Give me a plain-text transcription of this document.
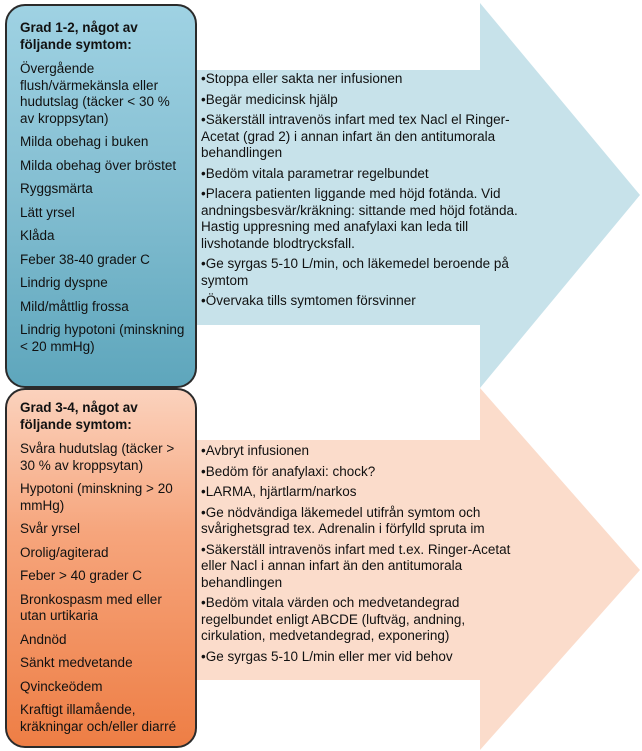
Grad 1-2, något av följande symtom:
Övergående flush/värmekänsla eller hudutslag (täcker < 30 % av kroppsytan)
Milda obehag i buken
Milda obehag över bröstet
Ryggsmärta
Lätt yrsel
Klåda
Feber 38-40 grader C
Lindrig dyspne
Mild/måttlig frossa
Lindrig hypotoni (minskning < 20 mmHg)
•Stoppa eller sakta ner infusionen
•Begär medicinsk hjälp
•Säkerställ intravenös infart med tex Nacl el Ringer-Acetat (grad 2) i annan infart än den antitumorala behandlingen
•Bedöm vitala parametrar regelbundet
•Placera patienten liggande med höjd fotända. Vid andningsbesvär/kräkning: sittande med höjd fotända. Hastig uppresning med anafylaxi kan leda till livshotande blodtrycksfall.
•Ge syrgas 5-10 L/min, och läkemedel beroende på symtom
•Övervaka tills symtomen försvinner
Grad 3-4, något av följande symtom:
Svåra hudutslag (täcker > 30 % av kroppsytan)
Hypotoni (minskning > 20 mmHg)
Svår yrsel
Orolig/agiterad
Feber > 40 grader C
Bronkospasm med eller utan urtikaria
Andnöd
Sänkt medvetande
Qvinckeödem
Kraftigt illamående, kräkningar och/eller diarré
•Avbryt infusionen
•Bedöm för anafylaxi: chock?
•LARMA, hjärtlarm/narkos
•Ge nödvändiga läkemedel utifrån symtom och svårighetsgrad tex. Adrenalin i förfylld spruta im
•Säkerställ intravenös infart med t.ex. Ringer-Acetat eller Nacl i annan infart än den antitumorala behandlingen
•Bedöm vitala värden och medvetandegrad regelbundet enligt ABCDE (luftväg, andning, cirkulation, medvetandegrad, exponering)
•Ge syrgas 5-10 L/min eller mer vid behov
